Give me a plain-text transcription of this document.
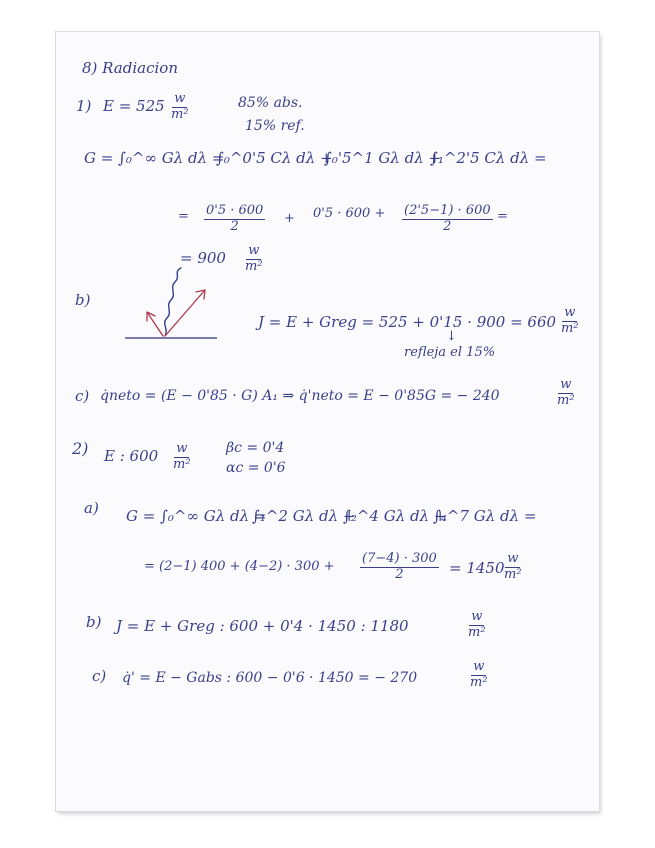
8) Radiacion
1) $E = 525 \frac{w}{\text{m²}}$	85% abs.
15% ref.
G = ∫₀^∞ Gλ dλ =
∫₀^0'5 Cλ dλ +
∫₀'5^1 Gλ dλ +
∫₁^2'5 Cλ dλ =
= $\frac{0'5 \cdot 600}{2} + 0'5 \cdot 600 + \frac{(2'5-1) \cdot 600}{2}$ =
= $900 \frac{w}{\text{m²}}$
b)
J = E + Greg = $525 + 0'15 \cdot 900 = 660 \frac{w}{\text{m²}}$
↓
refleja el 15%
c) q̇neto = (E − 0'85 · G) A₁ ⇒ q̇'neto = E − 0'85G = − 240	$\frac{w}{\text{m²}}$
2) E : $600 \frac{w}{\text{m²}}$ βc = 0'4
αc = 0'6
a) G = ∫₀^∞ Gλ dλ =
∫₁^2 Gλ dλ +
∫₂^4 Gλ dλ +
∫₄^7 Gλ dλ =
= (2−1) $400 + (4-2) \cdot 300 + \frac{(7-4) \cdot 300}{2} = 1450$
$\frac{w}{\text{m²}}$
b) J = E + Greg : 600 + 0'4 · 1450 : 1180	$\frac{w}{\text{m²}}$
c) q̇' = E − Gabs : 600 − 0'6 · 1450 = − 270	$\frac{w}{\text{m²}}$
